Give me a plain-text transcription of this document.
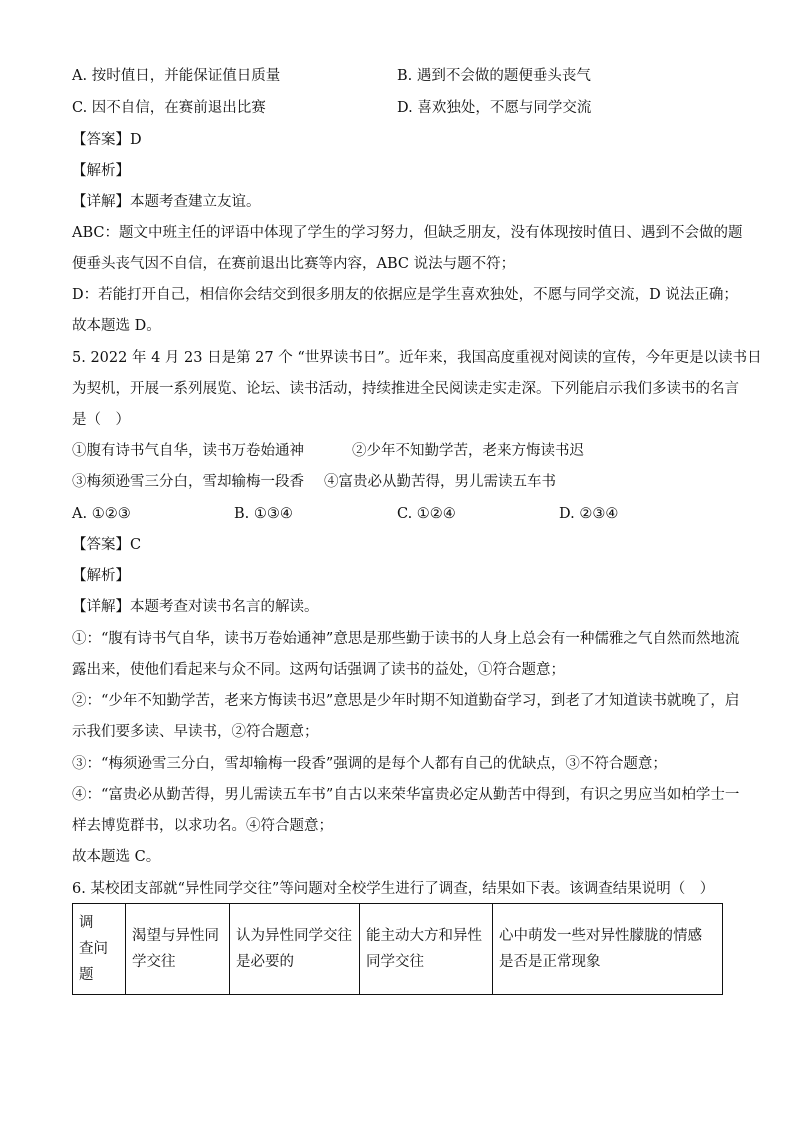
A. 按时值日，并能保证值日质量	B. 遇到不会做的题便垂头丧气
C. 因不自信，在赛前退出比赛	D. 喜欢独处，不愿与同学交流
【答案】D
【解析】
【详解】本题考查建立友谊。
ABC：题文中班主任的评语中体现了学生的学习努力，但缺乏朋友，没有体现按时值日、遇到不会做的题
便垂头丧气因不自信，在赛前退出比赛等内容，ABC 说法与题不符；
D：若能打开自己，相信你会结交到很多朋友的依据应是学生喜欢独处，不愿与同学交流，D 说法正确；
故本题选 D。
5. 2022 年 4 月 23 日是第 27 个 “世界读书日”。近年来，我国高度重视对阅读的宣传，今年更是以读书日
为契机，开展一系列展览、论坛、读书活动，持续推进全民阅读走实走深。下列能启示我们多读书的名言
是（　）
①腹有诗书气自华，读书万卷始通神	②少年不知勤学苦，老来方悔读书迟
③梅须逊雪三分白，雪却输梅一段香 ④富贵必从勤苦得，男儿需读五车书
A. ①②③	B. ①③④	C. ①②④	D. ②③④
【答案】C
【解析】
【详解】本题考查对读书名言的解读。
①：“腹有诗书气自华，读书万卷始通神”意思是那些勤于读书的人身上总会有一种儒雅之气自然而然地流
露出来，使他们看起来与众不同。这两句话强调了读书的益处，①符合题意；
②：“少年不知勤学苦，老来方悔读书迟”意思是少年时期不知道勤奋学习，到老了才知道读书就晚了，启
示我们要多读、早读书，②符合题意；
③：“梅须逊雪三分白，雪却输梅一段香”强调的是每个人都有自己的优缺点，③不符合题意；
④：“富贵必从勤苦得，男儿需读五车书”自古以来荣华富贵必定从勤苦中得到，有识之男应当如柏学士一
样去博览群书，以求功名。④符合题意；
故本题选 C。
6. 某校团支部就“异性同学交往”等问题对全校学生进行了调查，结果如下表。该调查结果说明（　）
调　查问题	渴望与异性同学交往	认为异性同学交往是必要的	能主动大方和异性同学交往	心中萌发一些对异性朦胧的情感是否是正常现象
